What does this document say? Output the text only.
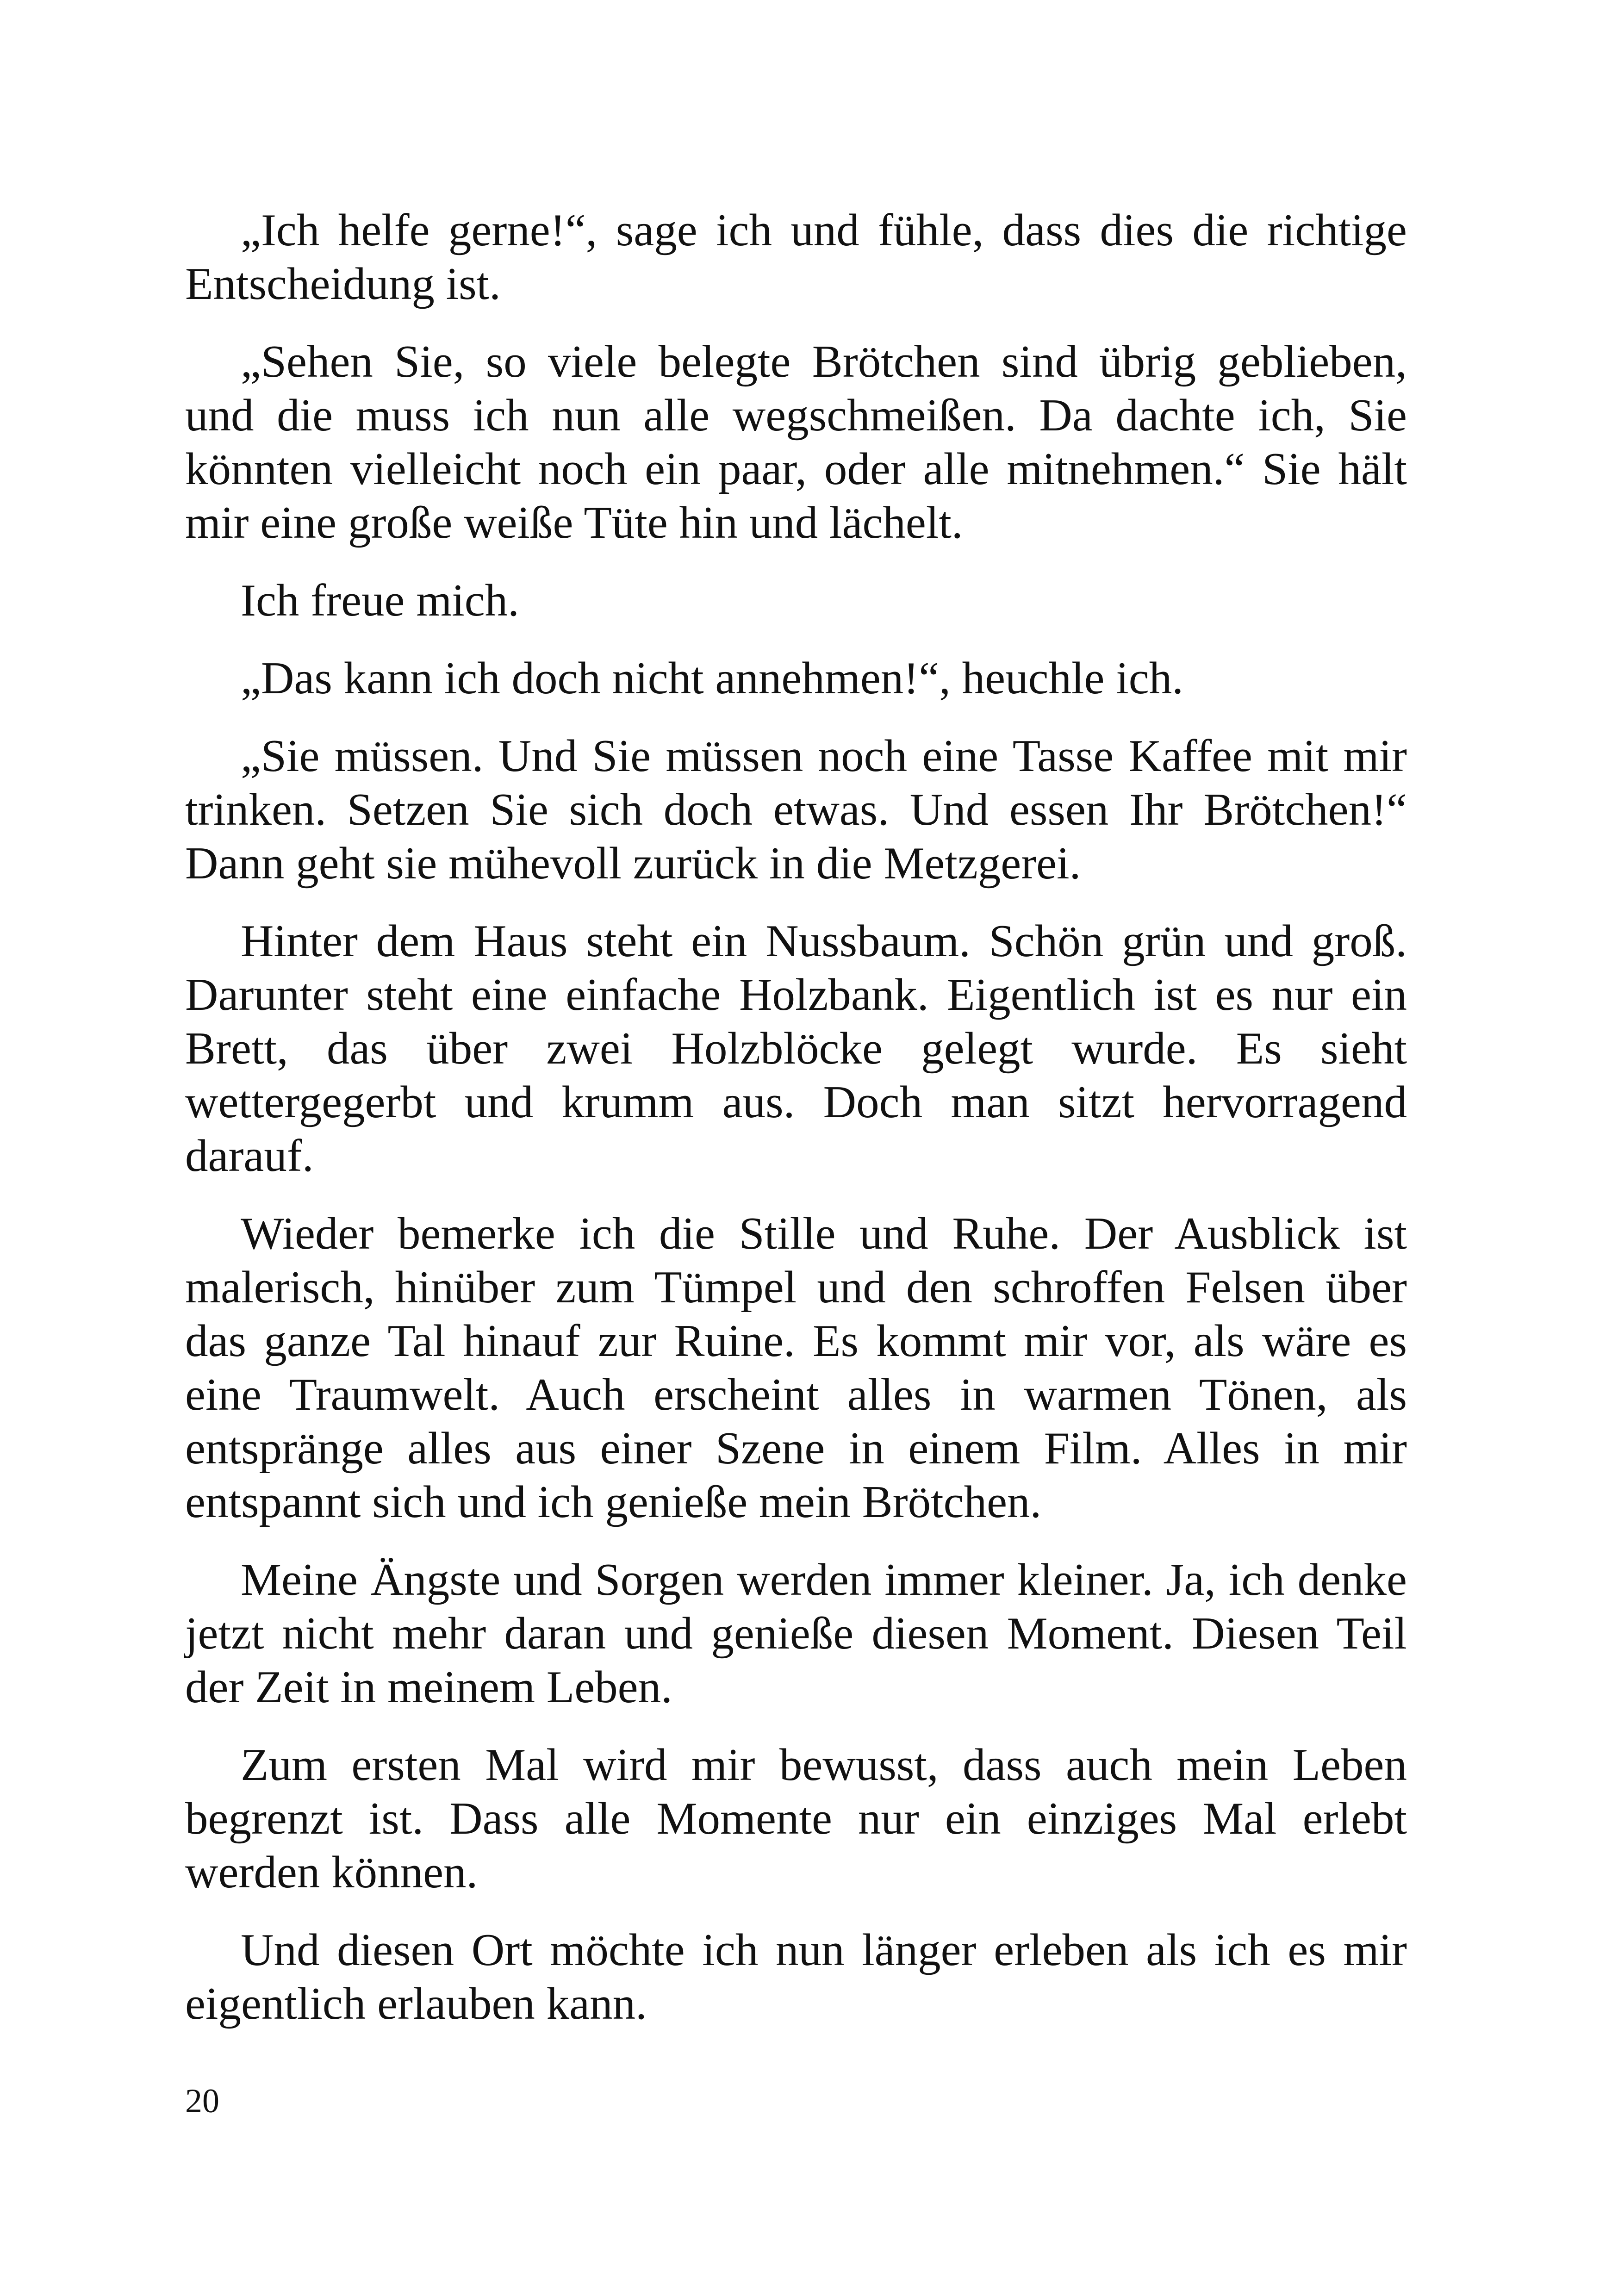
„Ich helfe gerne!“, sage ich und fühle, dass dies die richtige Entscheidung ist.

„Sehen Sie, so viele belegte Brötchen sind übrig geblieben, und die muss ich nun alle wegschmeißen. Da dachte ich, Sie könnten vielleicht noch ein paar, oder alle mitnehmen.“ Sie hält mir eine große weiße Tüte hin und lächelt.

Ich freue mich.

„Das kann ich doch nicht annehmen!“, heuchle ich.

„Sie müssen. Und Sie müssen noch eine Tasse Kaffee mit mir trinken. Setzen Sie sich doch etwas. Und essen Ihr Brötchen!“ Dann geht sie mühevoll zurück in die Metzgerei.

Hinter dem Haus steht ein Nussbaum. Schön grün und groß. Darunter steht eine einfache Holzbank. Eigentlich ist es nur ein Brett, das über zwei Holzblöcke gelegt wurde. Es sieht wettergegerbt und krumm aus. Doch man sitzt hervorragend darauf.

Wieder bemerke ich die Stille und Ruhe. Der Ausblick ist malerisch, hinüber zum Tümpel und den schroffen Felsen über das ganze Tal hinauf zur Ruine. Es kommt mir vor, als wäre es eine Traumwelt. Auch erscheint alles in warmen Tönen, als entspränge alles aus einer Szene in einem Film. Alles in mir entspannt sich und ich genieße mein Brötchen.

Meine Ängste und Sorgen werden immer kleiner. Ja, ich denke jetzt nicht mehr daran und genieße diesen Moment. Diesen Teil der Zeit in meinem Leben.

Zum ersten Mal wird mir bewusst, dass auch mein Leben begrenzt ist. Dass alle Momente nur ein einziges Mal erlebt werden können.

Und diesen Ort möchte ich nun länger erleben als ich es mir eigentlich erlauben kann.

20
